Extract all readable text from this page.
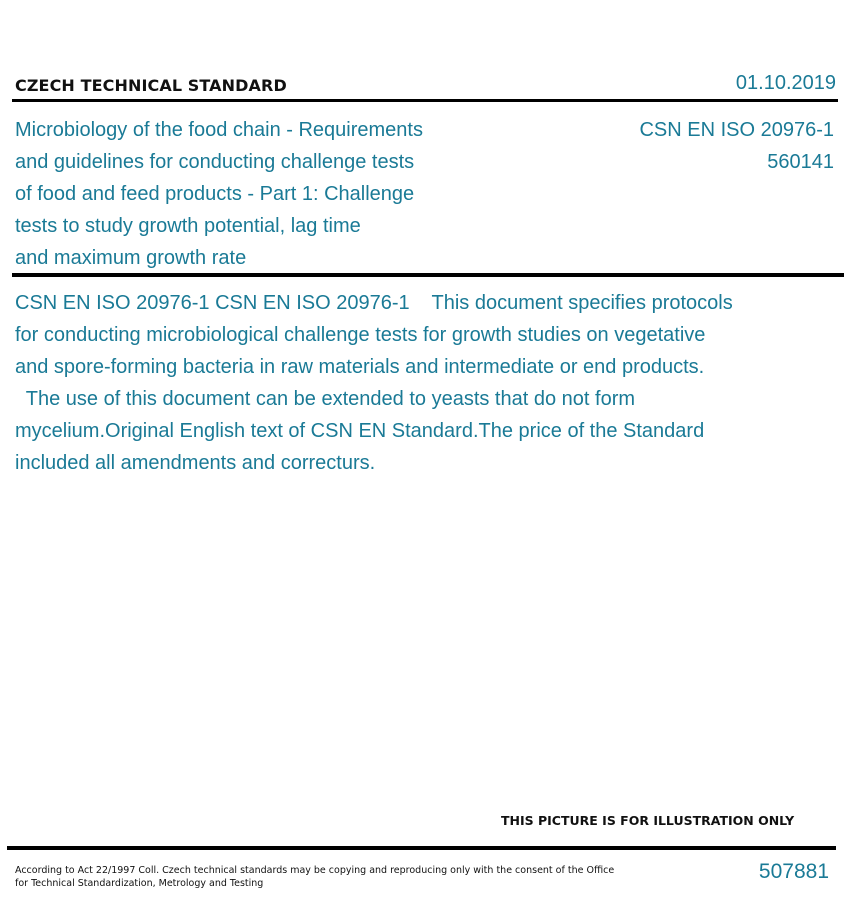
CZECH TECHNICAL STANDARD	01.10.2019
Microbiology of the food chain - Requirements
and guidelines for conducting challenge tests
of food and feed products - Part 1: Challenge
tests to study growth potential, lag time
and maximum growth rate
CSN EN ISO 20976-1
560141
CSN EN ISO 20976-1 CSN EN ISO 20976-1    This document specifies protocols
for conducting microbiological challenge tests for growth studies on vegetative
and spore-forming bacteria in raw materials and intermediate or end products.
The use of this document can be extended to yeasts that do not form
mycelium.Original English text of CSN EN Standard.The price of the Standard
included all amendments and correcturs.
THIS PICTURE IS FOR ILLUSTRATION ONLY
According to Act 22/1997 Coll. Czech technical standards may be copying and reproducing only with the consent of the Office
for Technical Standardization, Metrology and Testing
507881
